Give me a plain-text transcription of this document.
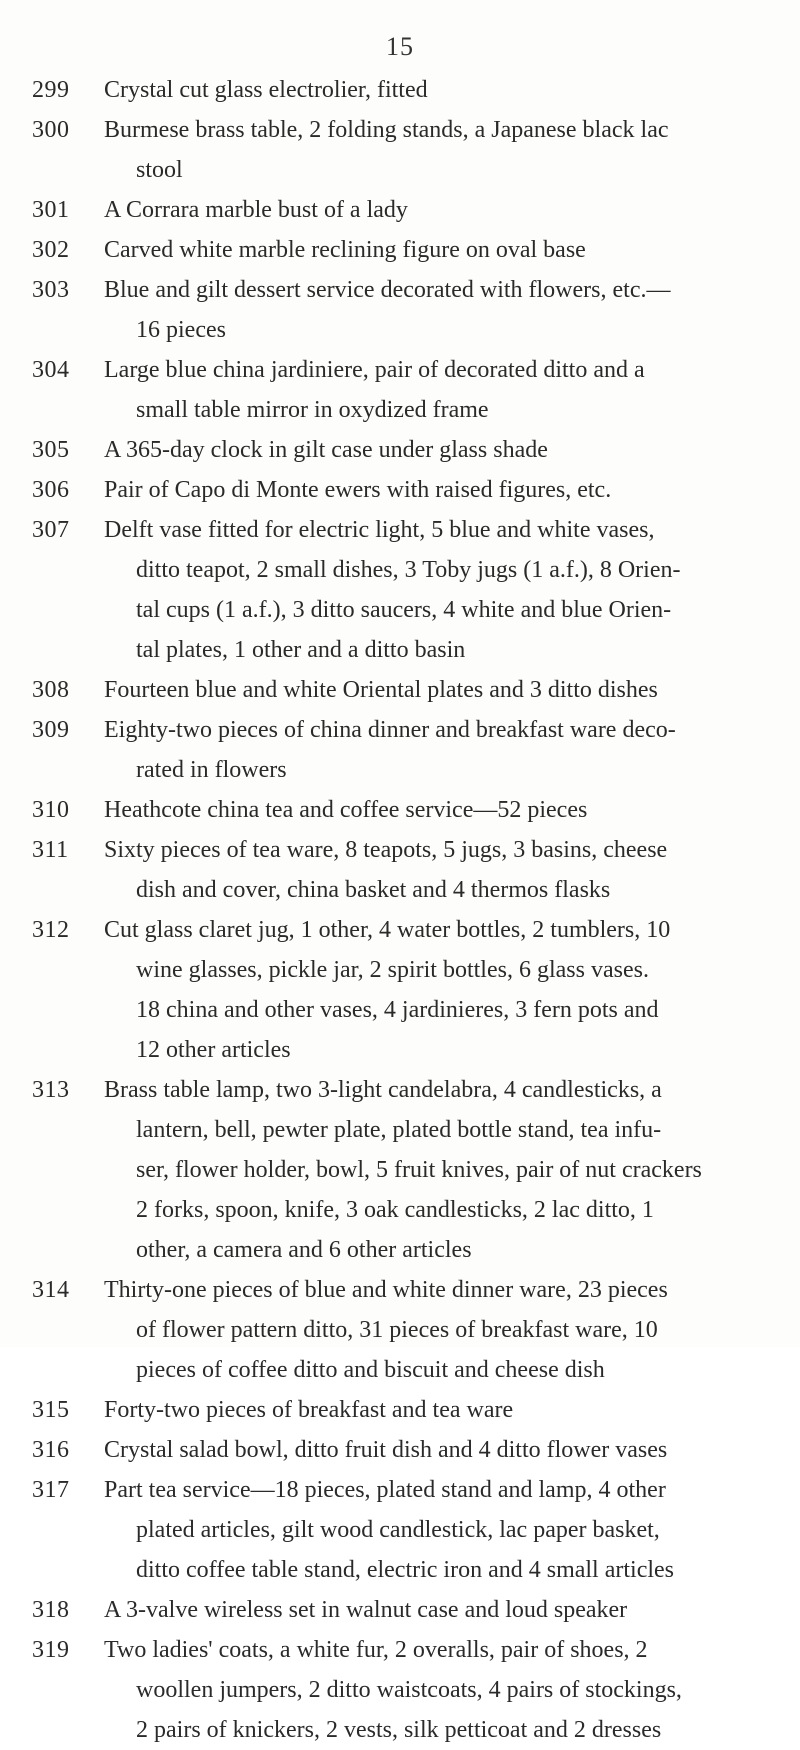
15
299	Crystal cut glass electrolier, fitted
300	Burmese brass table, 2 folding stands, a Japanese black lac
stool
301	A Corrara marble bust of a lady
302	Carved white marble reclining figure on oval base
303	Blue and gilt dessert service decorated with flowers, etc.—
16 pieces
304	Large blue china jardiniere, pair of decorated ditto and a
small table mirror in oxydized frame
305	A 365-day clock in gilt case under glass shade
306	Pair of Capo di Monte ewers with raised figures, etc.
307	Delft vase fitted for electric light, 5 blue and white vases,
ditto teapot, 2 small dishes, 3 Toby jugs (1 a.f.), 8 Orien-
tal cups (1 a.f.), 3 ditto saucers, 4 white and blue Orien-
tal plates, 1 other and a ditto basin
308	Fourteen blue and white Oriental plates and 3 ditto dishes
309	Eighty-two pieces of china dinner and breakfast ware deco-
rated in flowers
310	Heathcote china tea and coffee service—52 pieces
311	Sixty pieces of tea ware, 8 teapots, 5 jugs, 3 basins, cheese
dish and cover, china basket and 4 thermos flasks
312	Cut glass claret jug, 1 other, 4 water bottles, 2 tumblers, 10
wine glasses, pickle jar, 2 spirit bottles, 6 glass vases.
18 china and other vases, 4 jardinieres, 3 fern pots and
12 other articles
313	Brass table lamp, two 3-light candelabra, 4 candlesticks, a
lantern, bell, pewter plate, plated bottle stand, tea infu-
ser, flower holder, bowl, 5 fruit knives, pair of nut crackers
2 forks, spoon, knife, 3 oak candlesticks, 2 lac ditto, 1
other, a camera and 6 other articles
314	Thirty-one pieces of blue and white dinner ware, 23 pieces
of flower pattern ditto, 31 pieces of breakfast ware, 10
pieces of coffee ditto and biscuit and cheese dish
315	Forty-two pieces of breakfast and tea ware
316	Crystal salad bowl, ditto fruit dish and 4 ditto flower vases
317	Part tea service—18 pieces, plated stand and lamp, 4 other
plated articles, gilt wood candlestick, lac paper basket,
ditto coffee table stand, electric iron and 4 small articles
318	A 3-valve wireless set in walnut case and loud speaker
319	Two ladies' coats, a white fur, 2 overalls, pair of shoes, 2
woollen jumpers, 2 ditto waistcoats, 4 pairs of stockings,
2 pairs of knickers, 2 vests, silk petticoat and 2 dresses
